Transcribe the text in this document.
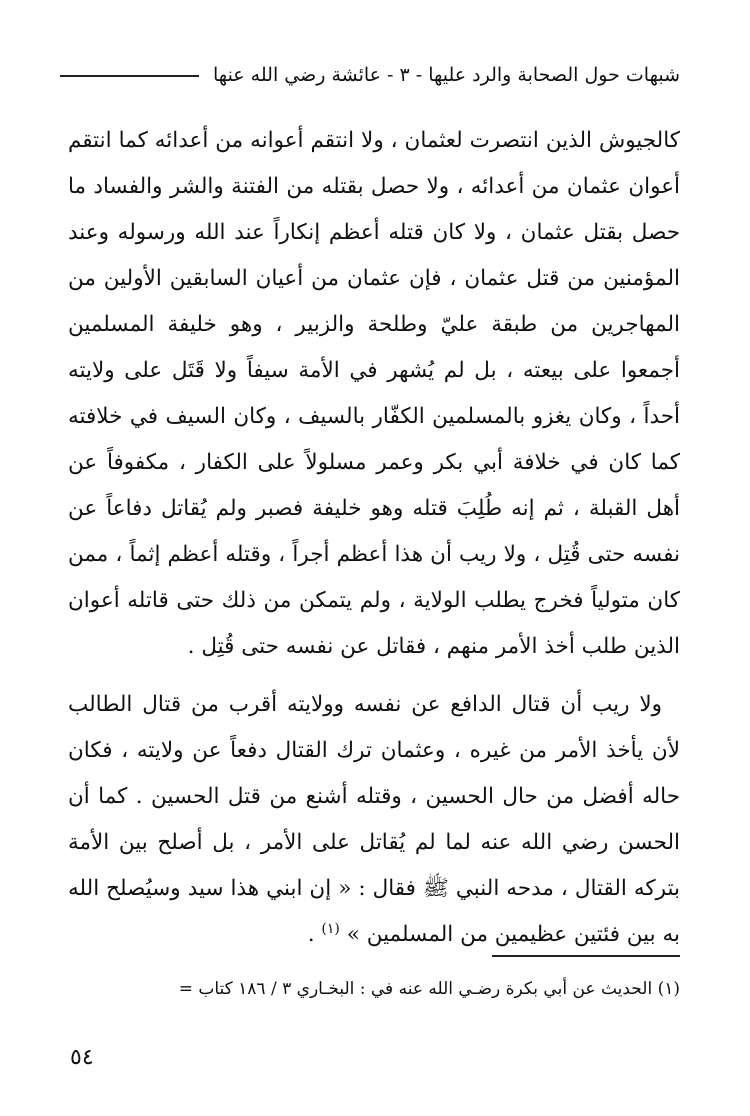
شبهات حول الصحابة والرد عليها - ٣ - عائشة رضي الله عنها

كالجيوش الذين انتصرت لعثمان ، ولا انتقم أعوانه من أعدائه كما انتقم أعوان عثمان من أعدائه ، ولا حصل بقتله من الفتنة والشر والفساد ما حصل بقتل عثمان ، ولا كان قتله أعظم إنكاراً عند الله ورسوله وعند المؤمنين من قتل عثمان ، فإن عثمان من أعيان السابقين الأولين من المهاجرين من طبقة عليّ وطلحة والزبير ، وهو خليفة المسلمين أجمعوا على بيعته ، بل لم يُشهر في الأمة سيفاً ولا قَتَل على ولايته أحداً ، وكان يغزو بالمسلمين الكفّار بالسيف ، وكان السيف في خلافته كما كان في خلافة أبي بكر وعمر مسلولاً على الكفار ، مكفوفاً عن أهل القبلة ، ثم إنه طُلِبَ قتله وهو خليفة فصبر ولم يُقاتل دفاعاً عن نفسه حتى قُتِل ، ولا ريب أن هذا أعظم أجراً ، وقتله أعظم إثماً ، ممن كان متولياً فخرج يطلب الولاية ، ولم يتمكن من ذلك حتى قاتله أعوان الذين طلب أخذ الأمر منهم ، فقاتل عن نفسه حتى قُتِل .

ولا ريب أن قتال الدافع عن نفسه وولايته أقرب من قتال الطالب لأن يأخذ الأمر من غيره ، وعثمان ترك القتال دفعاً عن ولايته ، فكان حاله أفضل من حال الحسين ، وقتله أشنع من قتل الحسين . كما أن الحسن رضي الله عنه لما لم يُقاتل على الأمر ، بل أصلح بين الأمة بتركه القتال ، مدحه النبي ﷺ فقال : « إن ابني هذا سيد وسيُصلح الله به بين فئتين عظيمين من المسلمين » $^{(١)}$ .

(١) الحديث عن أبي بكرة رضـي الله عنه في : البخـاري ٣ / ١٨٦ كتاب =
٥٤
